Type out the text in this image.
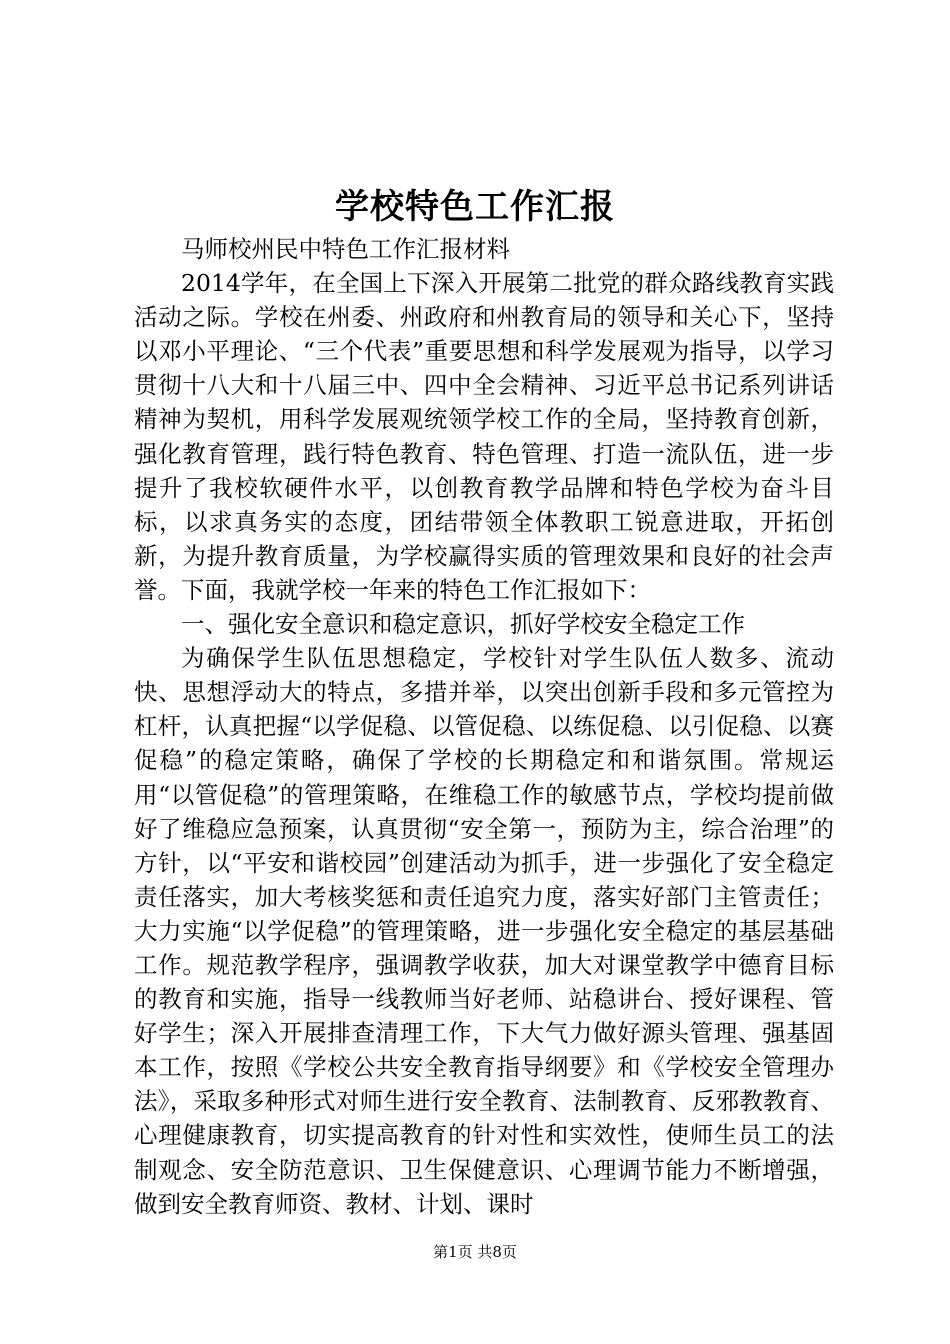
学校特色工作汇报

马师校州民中特色工作汇报材料

2014学年，在全国上下深入开展第二批党的群众路线教育实践活动之际。学校在州委、州政府和州教育局的领导和关心下，坚持以邓小平理论、“三个代表”重要思想和科学发展观为指导，以学习贯彻十八大和十八届三中、四中全会精神、习近平总书记系列讲话精神为契机，用科学发展观统领学校工作的全局，坚持教育创新，强化教育管理，践行特色教育、特色管理、打造一流队伍，进一步提升了我校软硬件水平，以创教育教学品牌和特色学校为奋斗目标，以求真务实的态度，团结带领全体教职工锐意进取，开拓创新，为提升教育质量，为学校赢得实质的管理效果和良好的社会声誉。下面，我就学校一年来的特色工作汇报如下：

一、强化安全意识和稳定意识，抓好学校安全稳定工作

为确保学生队伍思想稳定，学校针对学生队伍人数多、流动快、思想浮动大的特点，多措并举，以突出创新手段和多元管控为杠杆，认真把握“以学促稳、以管促稳、以练促稳、以引促稳、以赛促稳”的稳定策略，确保了学校的长期稳定和和谐氛围。常规运用“以管促稳”的管理策略，在维稳工作的敏感节点，学校均提前做好了维稳应急预案，认真贯彻“安全第一，预防为主，综合治理”的方针，以“平安和谐校园”创建活动为抓手，进一步强化了安全稳定责任落实，加大考核奖惩和责任追究力度，落实好部门主管责任；大力实施“以学促稳”的管理策略，进一步强化安全稳定的基层基础工作。规范教学程序，强调教学收获，加大对课堂教学中德育目标的教育和实施，指导一线教师当好老师、站稳讲台、授好课程、管好学生；深入开展排查清理工作，下大气力做好源头管理、强基固本工作，按照《学校公共安全教育指导纲要》和《学校安全管理办法》，采取多种形式对师生进行安全教育、法制教育、反邪教教育、心理健康教育，切实提高教育的针对性和实效性，使师生员工的法制观念、安全防范意识、卫生保健意识、心理调节能力不断增强，做到安全教育师资、教材、计划、课时

第1页 共8页
